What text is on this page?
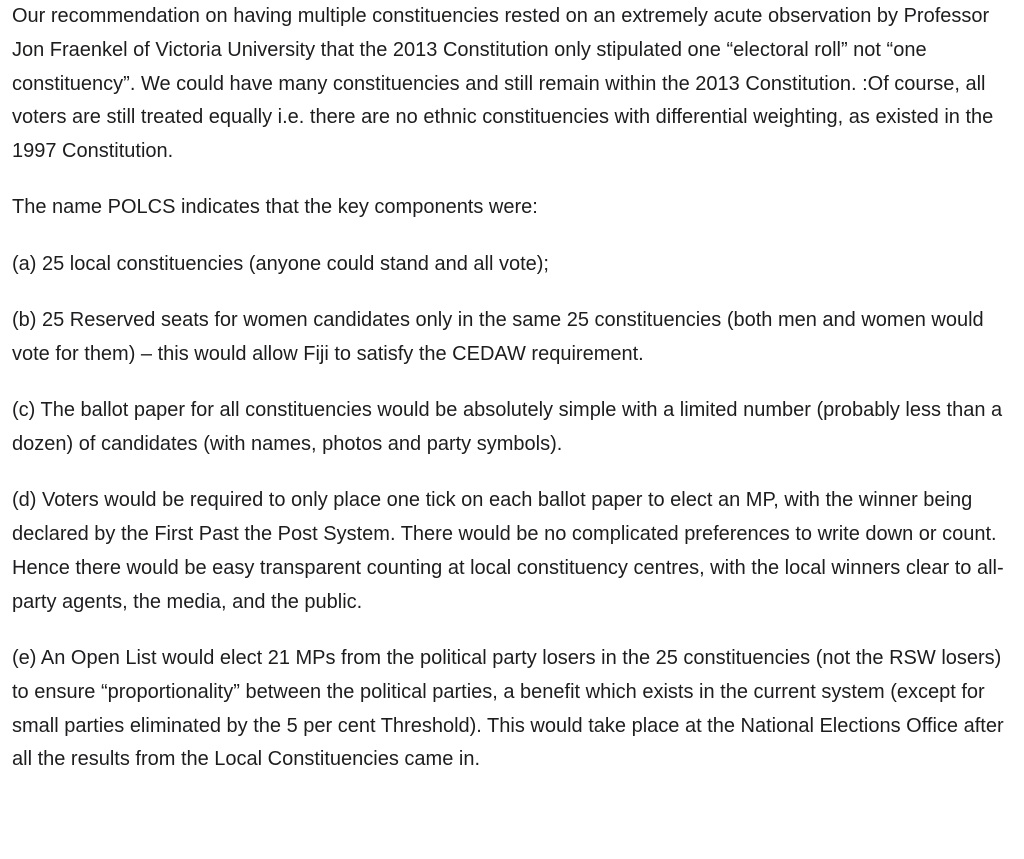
Our recommendation on having multiple constituencies rested on an extremely acute observation by Professor Jon Fraenkel of Victoria University that the 2013 Constitution only stipulated one “electoral roll” not “one constituency”. We could have many constituencies and still remain within the 2013 Constitution. :Of course, all voters are still treated equally i.e. there are no ethnic constituencies with differential weighting, as existed in the 1997 Constitution.

The name POLCS indicates that the key components were:

(a) 25 local constituencies (anyone could stand and all vote);

(b) 25 Reserved seats for women candidates only in the same 25 constituencies (both men and women would vote for them) – this would allow Fiji to satisfy the CEDAW requirement.

(c) The ballot paper for all constituencies would be absolutely simple with a limited number (probably less than a dozen) of candidates (with names, photos and party symbols).

(d) Voters would be required to only place one tick on each ballot paper to elect an MP, with the winner being declared by the First Past the Post System. There would be no complicated preferences to write down or count. Hence there would be easy transparent counting at local constituency centres, with the local winners clear to all- party agents, the media, and the public.

(e) An Open List would elect 21 MPs from the political party losers in the 25 constituencies (not the RSW losers) to ensure “proportionality” between the political parties, a benefit which exists in the current system (except for small parties eliminated by the 5 per cent Threshold). This would take place at the National Elections Office after all the results from the Local Constituencies came in.
